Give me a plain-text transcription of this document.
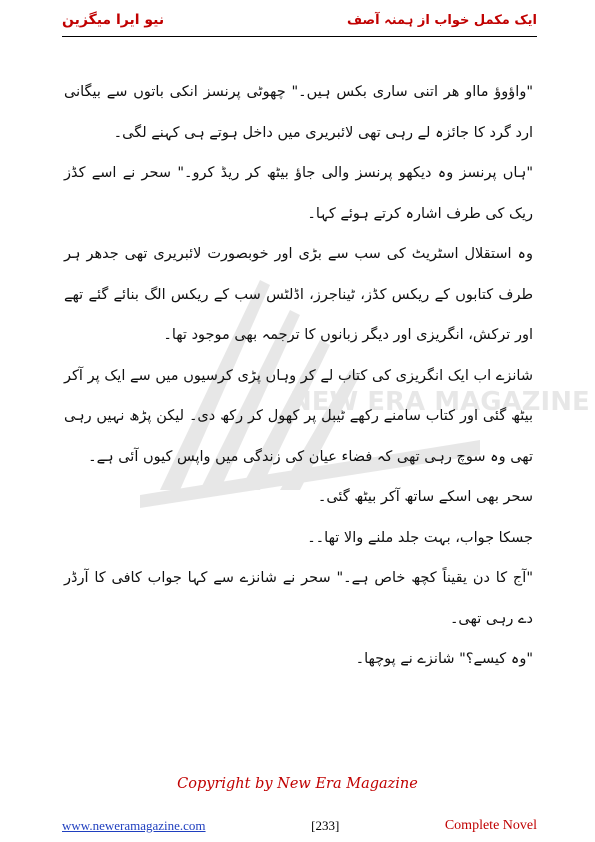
نیو ایرا میگزین	ایک مکمل خواب از ہمنہ آصف
NEW ERA MAGAZINE

"واؤوؤ مااو ھر اتنی ساری بکس ہیں۔" چھوٹی پرنسز انکی باتوں سے بیگانی ارد گرد کا جائزہ لے رہی تھی لائبریری میں داخل ہوتے ہی کہنے لگی۔

"ہاں پرنسز وہ دیکھو پرنسز والی جاؤ بیٹھ کر ریڈ کرو۔" سحر نے اسے کڈز ریک کی طرف اشارہ کرتے ہوئے کہا۔

وہ استقلال اسٹریٹ کی سب سے بڑی اور خوبصورت لائبریری تھی جدھر ہر طرف کتابوں کے ریکس کڈز، ٹیناجرز، اڈلٹس سب کے ریکس الگ بنائے گئے تھے اور ترکش، انگریزی اور دیگر زبانوں کا ترجمہ بھی موجود تھا۔

شانزے اب ایک انگریزی کی کتاب لے کر وہاں پڑی کرسیوں میں سے ایک پر آکر بیٹھ گئی اور کتاب سامنے رکھے ٹیبل پر کھول کر رکھ دی۔ لیکن پڑھ نہیں رہی تھی وہ سوچ رہی تھی کہ فضاء عیان کی زندگی میں واپس کیوں آئی ہے۔

سحر بھی اسکے ساتھ آکر بیٹھ گئی۔

جسکا جواب، بہت جلد ملنے والا تھا۔۔

"آج کا دن یقیناً کچھ خاص ہے۔" سحر نے شانزے سے کہا جواب کافی کا آرڈر دے رہی تھی۔

"وہ کیسے؟" شانزے نے پوچھا۔

Copyright by New Era Magazine
www.neweramagazine.com	[233]	Complete Novel
